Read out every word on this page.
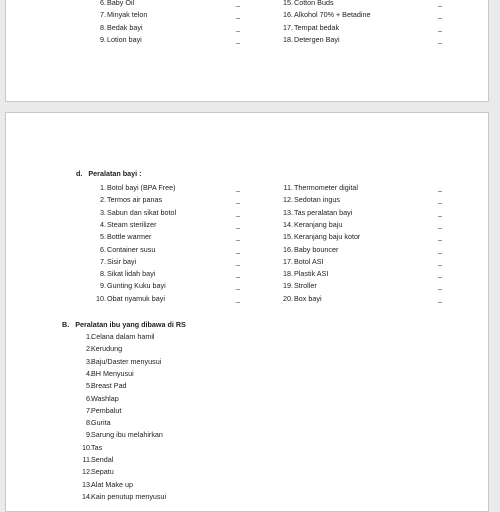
6. Baby Oil	_
7. Minyak telon	_
8. Bedak bayi	_
9. Lotion bayi	_
15. Cotton Buds	_
16. Alkohol 70% + Betadine	_
17. Tempat bedak	_
18. Detergen Bayi	_
d. Peralatan bayi :
B. Peralatan ibu yang dibawa di RS
1. Botol bayi (BPA Free)	_
2. Termos air panas	_
3. Sabun dan sikat botol	_
4. Steam sterilizer	_
5. Bottle warmer	_
6. Container susu	_
7. Sisir bayi	_
8. Sikat lidah bayi	_
9. Gunting Kuku bayi	_
10. Obat nyamuk bayi	_
11. Thermometer digital	_
12. Sedotan ingus	_
13. Tas peralatan bayi	_
14. Keranjang baju	_
15. Keranjang baju kotor	_
16. Baby bouncer	_
17. Botol ASI	_
18. Plastik ASI	_
19. Stroller	_
20. Box bayi	_
1. Celana dalam hamil
2. Kerudung
3. Baju/Daster menyusui
4. BH Menyusui
5. Breast Pad
6. Washlap
7. Pembalut
8. Gurita
9. Sarung ibu melahirkan
10. Tas
11. Sendal
12. Sepatu
13. Alat Make up
14. Kain penutup menyusui
